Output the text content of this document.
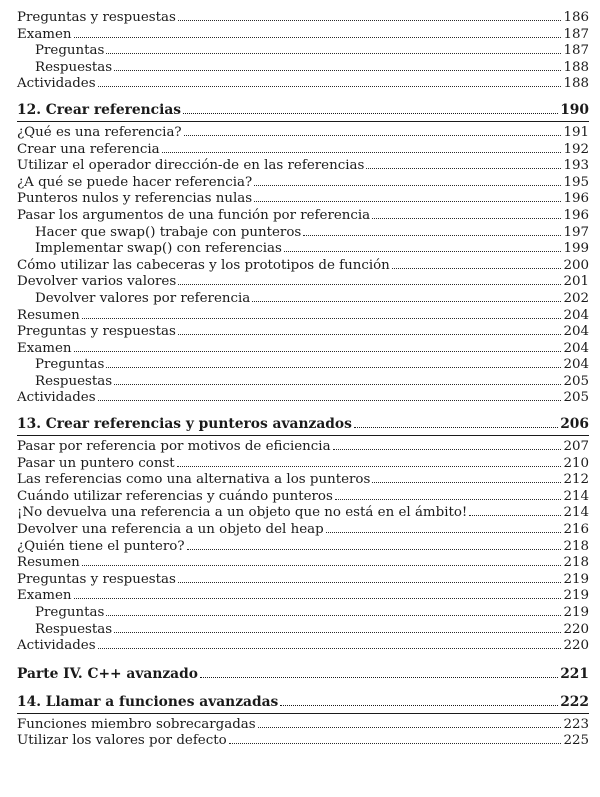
Preguntas y respuestas	186
Examen	187
Preguntas	187
Respuestas	188
Actividades	188
12. Crear referencias	190
¿Qué es una referencia?	191
Crear una referencia	192
Utilizar el operador dirección-de en las referencias	193
¿A qué se puede hacer referencia?	195
Punteros nulos y referencias nulas	196
Pasar los argumentos de una función por referencia	196
Hacer que swap() trabaje con punteros	197
Implementar swap() con referencias	199
Cómo utilizar las cabeceras y los prototipos de función	200
Devolver varios valores	201
Devolver valores por referencia	202
Resumen	204
Preguntas y respuestas	204
Examen	204
Preguntas	204
Respuestas	205
Actividades	205
13. Crear referencias y punteros avanzados	206
Pasar por referencia por motivos de eficiencia	207
Pasar un puntero const	210
Las referencias como una alternativa a los punteros	212
Cuándo utilizar referencias y cuándo punteros	214
¡No devuelva una referencia a un objeto que no está en el ámbito!	214
Devolver una referencia a un objeto del heap	216
¿Quién tiene el puntero?	218
Resumen	218
Preguntas y respuestas	219
Examen	219
Preguntas	219
Respuestas	220
Actividades	220
Parte IV. C++ avanzado	221
14. Llamar a funciones avanzadas	222
Funciones miembro sobrecargadas	223
Utilizar los valores por defecto	225
